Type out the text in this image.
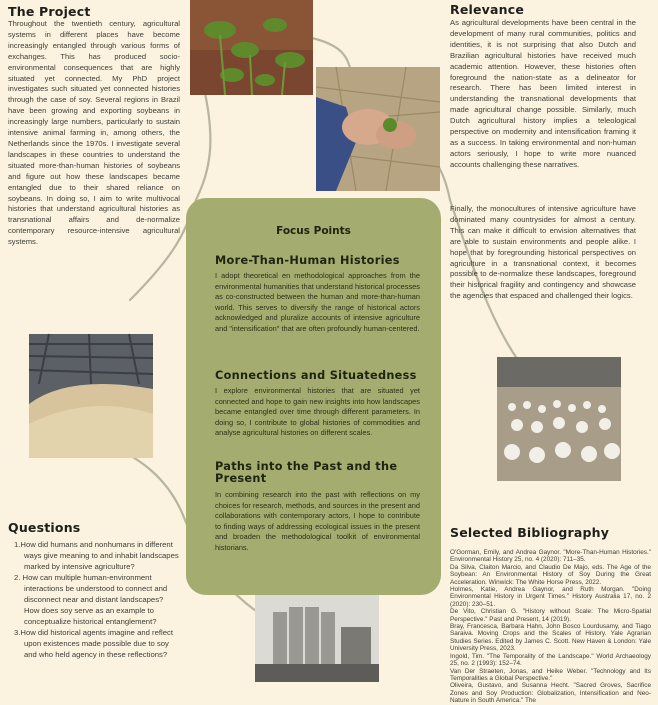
The Project
Throughout the twentieth century, agricultural systems in different places have become increasingly entangled through various forms of exchanges. This has produced socio-environmental consequences that are highly situated yet connected. My PhD project investigates such situated yet connected histories through the case of soy. Several regions in Brazil have been growing and exporting soybeans in increasingly large numbers, particularly to sustain intensive animal farming in, among others, the Netherlands since the 1970s. I investigate several landscapes in these countries to understand the situated more-than-human histories of soybeans and figure out how these landscapes became entangled due to their shared reliance on soybeans. In doing so, I aim to write multivocal histories that understand agricultural histories as transnational affairs and de-normalize contemporary resource-intensive agricultural systems.
Relevance
As agricultural developments have been central in the development of many rural communities, politics and identities, it is not surprising that also Dutch and Brazilian agricultural histories have received much academic attention. However, these histories often foreground the nation-state as a delineator for research. There has been limited interest in understanding the transnational developments that made agricultural change possible. Similarly, much Dutch agricultural history implies a teleological perspective on modernity and intensification framing it as a success. In taking environmental and non-human actors seriously, I hope to write more nuanced accounts challenging these narratives.
Finally, the monocultures of intensive agriculture have dominated many countrysides for almost a century. This can make it difficult to envision alternatives that are able to sustain environments and people alike. I hope that by foregrounding historical perspectives on agriculture in a transnational context, it becomes possible to de-normalize these landscapes, foreground their historical fragility and contingency and showcase the agencies that espaced and challenged their logics.
Focus Points
More-Than-Human Histories
I adopt theoretical en methodological approaches from the environmental humanities that understand historical processes as co-constructed between the human and more-than-human world. This serves to diversify the range of historical actors acknowledged and pluralize accounts of intensive agriculture and "intensification" that are often profoundly human-centered.
Connections and Situatedness
I explore environmental histories that are situated yet connected and hope to gain new insights into how landscapes became entangled over time through different parameters. In doing so, I contribute to global histories of commodities and analyse agricultural histories on different scales.
Paths into the Past and the Present
In combining research into the past with reflections on my choices for research, methods, and sources in the present and collaborations with contemporary actors, I hope to contribute to finding ways of addressing ecological issues in the present and broaden the methodological toolkit of environmental historians.
Questions
1.How did humans and nonhumans in different ways give meaning to and inhabit landscapes marked by intensive agriculture?
2. How can multiple human-environment interactions be understood to connect and disconnect near and distant landscapes? How does soy serve as an example to conceptualize historical entanglement?
3.How did historical agents imagine and reflect upon existences made possible due to soy and who held agency in these reflections?
Selected Bibliography
O'Gorman, Emily, and Andrea Gaynor. "More-Than-Human Histories." Environmental History 25, no. 4 (2020): 711–35.
Da Silva, Claiton Marcio, and Claudio De Majo, eds. The Age of the Soybean: An Environmental History of Soy During the Great Acceleration. Winwick: The White Horse Press, 2022.
Holmes, Katie, Andrea Gaynor, and Ruth Morgan. "Doing Environmental History in Urgent Times." History Australia 17, no. 2 (2020): 230–51.
De Vito, Christian G. "History without Scale: The Micro-Spatial Perspective." Past and Present, 14 (2019).
Bray, Francesca, Barbara Hahn, John Bosco Lourdusamy, and Tiago Saraiva. Moving Crops and the Scales of History. Yale Agrarian Studies Series. Edited by James C. Scott. New Haven & London: Yale University Press, 2023.
Ingold, Tim. "The Temporality of the Landscape." World Archaeology 25, no. 2 (1993): 152–74.
Van Der Straeten, Jonas, and Heike Weber. "Technology and Its Temporalities a Global Perspective."
Oliveira, Gustavo, and Susanna Hecht. "Sacred Groves, Sacrifice Zones and Soy Production: Globalization, Intensification and Neo-Nature in South America." The
